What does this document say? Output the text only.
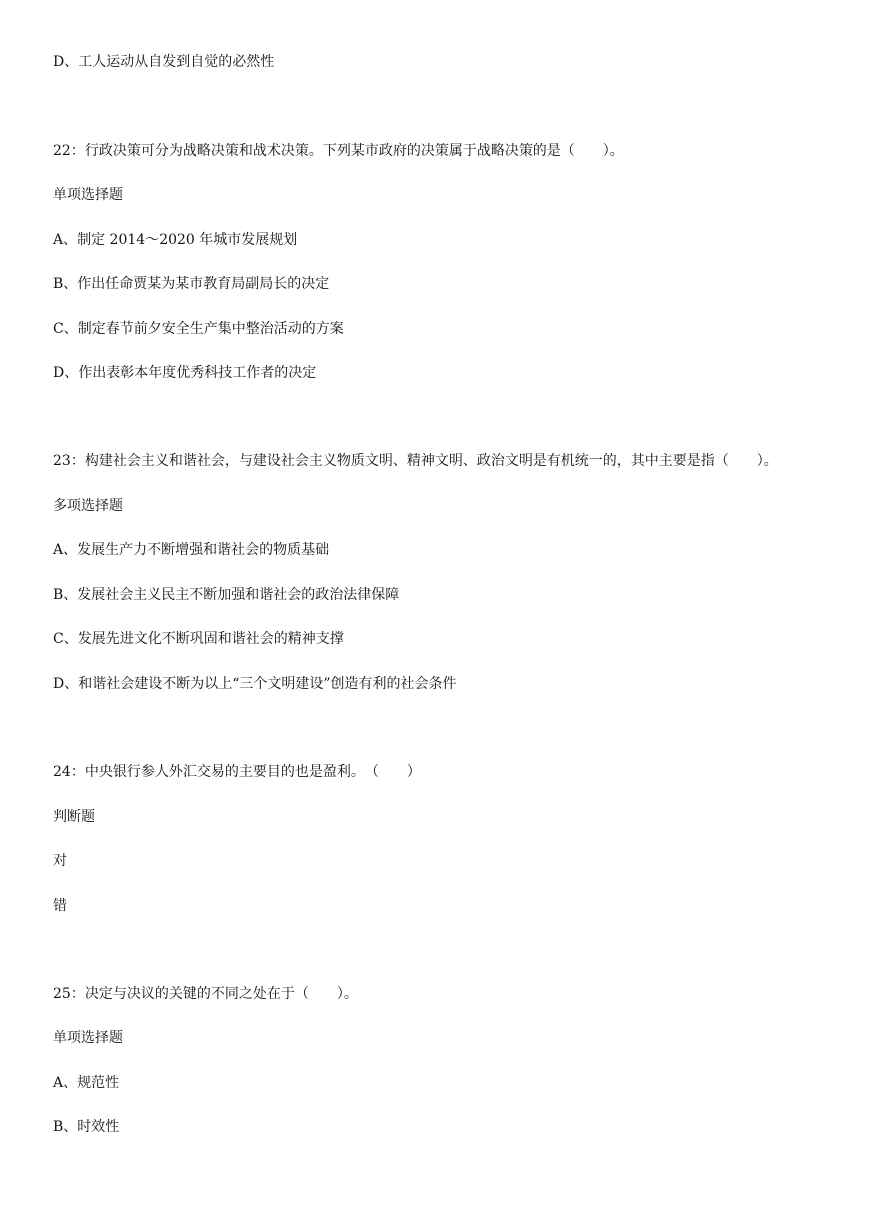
D、工人运动从自发到自觉的必然性
22：行政决策可分为战略决策和战术决策。下列某市政府的决策属于战略决策的是（　　）。
单项选择题
A、制定 2014～2020 年城市发展规划
B、作出任命贾某为某市教育局副局长的决定
C、制定春节前夕安全生产集中整治活动的方案
D、作出表彰本年度优秀科技工作者的决定
23：构建社会主义和谐社会，与建设社会主义物质文明、精神文明、政治文明是有机统一的，其中主要是指（　　）。
多项选择题
A、发展生产力不断增强和谐社会的物质基础
B、发展社会主义民主不断加强和谐社会的政治法律保障
C、发展先进文化不断巩固和谐社会的精神支撑
D、和谐社会建设不断为以上“三个文明建设”创造有利的社会条件
24：中央银行参人外汇交易的主要目的也是盈利。　（　　）
判断题
对
错
25：决定与决议的关键的不同之处在于（　　）。
单项选择题
A、规范性
B、时效性
